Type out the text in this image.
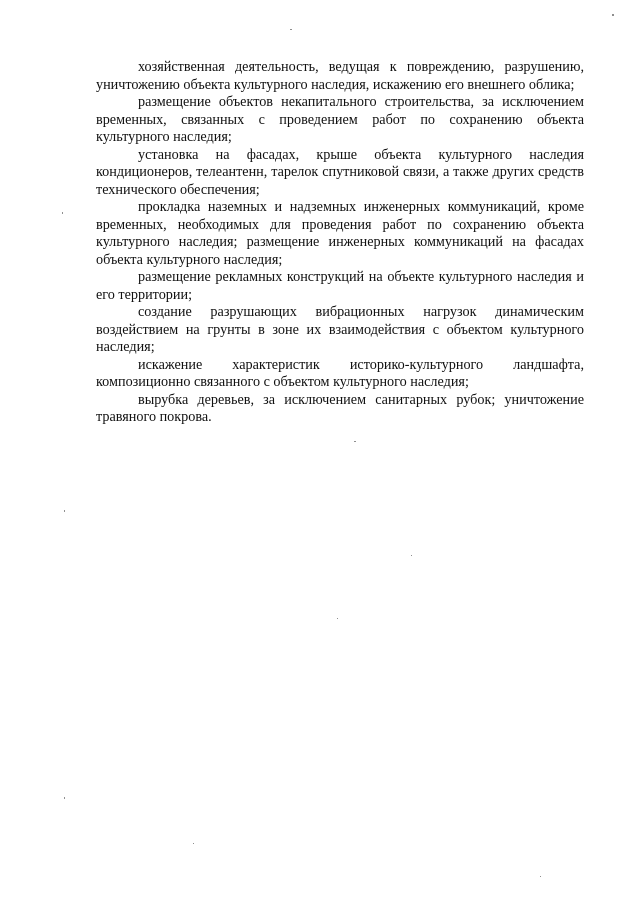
хозяйственная деятельность, ведущая к повреждению, разрушению, уничтожению объекта культурного наследия, искажению его внешнего облика;

размещение объектов некапитального строительства, за исключением временных, связанных с проведением работ по сохранению объекта культурного наследия;

установка на фасадах, крыше объекта культурного наследия кондиционеров, телеантенн, тарелок спутниковой связи, а также других средств технического обеспечения;

прокладка наземных и надземных инженерных коммуникаций, кроме временных, необходимых для проведения работ по сохранению объекта культурного наследия; размещение инженерных коммуникаций на фасадах объекта культурного наследия;

размещение рекламных конструкций на объекте культурного наследия и его территории;

создание разрушающих вибрационных нагрузок динамическим воздействием на грунты в зоне их взаимодействия с объектом культурного наследия;

искажение характеристик историко-культурного ландшафта, композиционно связанного с объектом культурного наследия;

вырубка деревьев, за исключением санитарных рубок; уничтожение травяного покрова.
